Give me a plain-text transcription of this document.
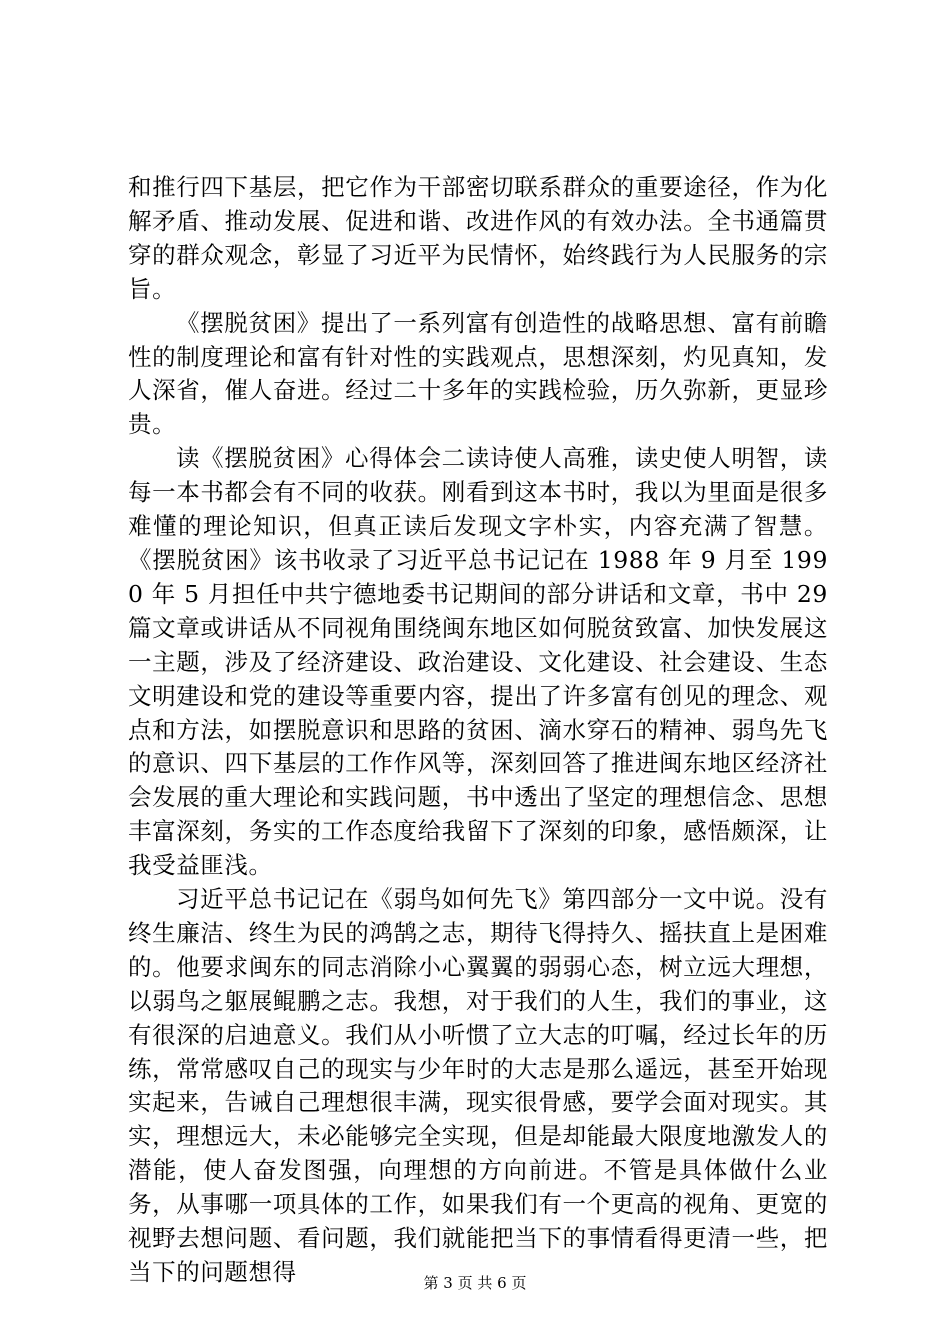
和推行四下基层，把它作为干部密切联系群众的重要途径，作为化解矛盾、推动发展、促进和谐、改进作风的有效办法。全书通篇贯穿的群众观念，彰显了习近平为民情怀，始终践行为人民服务的宗旨。

《摆脱贫困》提出了一系列富有创造性的战略思想、富有前瞻性的制度理论和富有针对性的实践观点，思想深刻，灼见真知，发人深省，催人奋进。经过二十多年的实践检验，历久弥新，更显珍贵。

读《摆脱贫困》心得体会二读诗使人高雅，读史使人明智，读每一本书都会有不同的收获。刚看到这本书时，我以为里面是很多难懂的理论知识，但真正读后发现文字朴实，内容充满了智慧。《摆脱贫困》该书收录了习近平总书记记在 1988 年 9 月至 1990 年 5 月担任中共宁德地委书记期间的部分讲话和文章，书中 29 篇文章或讲话从不同视角围绕闽东地区如何脱贫致富、加快发展这一主题，涉及了经济建设、政治建设、文化建设、社会建设、生态文明建设和党的建设等重要内容，提出了许多富有创见的理念、观点和方法，如摆脱意识和思路的贫困、滴水穿石的精神、弱鸟先飞的意识、四下基层的工作作风等，深刻回答了推进闽东地区经济社会发展的重大理论和实践问题，书中透出了坚定的理想信念、思想丰富深刻，务实的工作态度给我留下了深刻的印象，感悟颇深，让我受益匪浅。

习近平总书记记在《弱鸟如何先飞》第四部分一文中说。没有终生廉洁、终生为民的鸿鹄之志，期待飞得持久、摇扶直上是困难的。他要求闽东的同志消除小心翼翼的弱弱心态，树立远大理想，以弱鸟之躯展鲲鹏之志。我想，对于我们的人生，我们的事业，这有很深的启迪意义。我们从小听惯了立大志的叮嘱，经过长年的历练，常常感叹自己的现实与少年时的大志是那么遥远，甚至开始现实起来，告诫自己理想很丰满，现实很骨感，要学会面对现实。其实，理想远大，未必能够完全实现，但是却能最大限度地激发人的潜能，使人奋发图强，向理想的方向前进。不管是具体做什么业务，从事哪一项具体的工作，如果我们有一个更高的视角、更宽的视野去想问题、看问题，我们就能把当下的事情看得更清一些，把当下的问题想得	第 3 页 共 6 页
